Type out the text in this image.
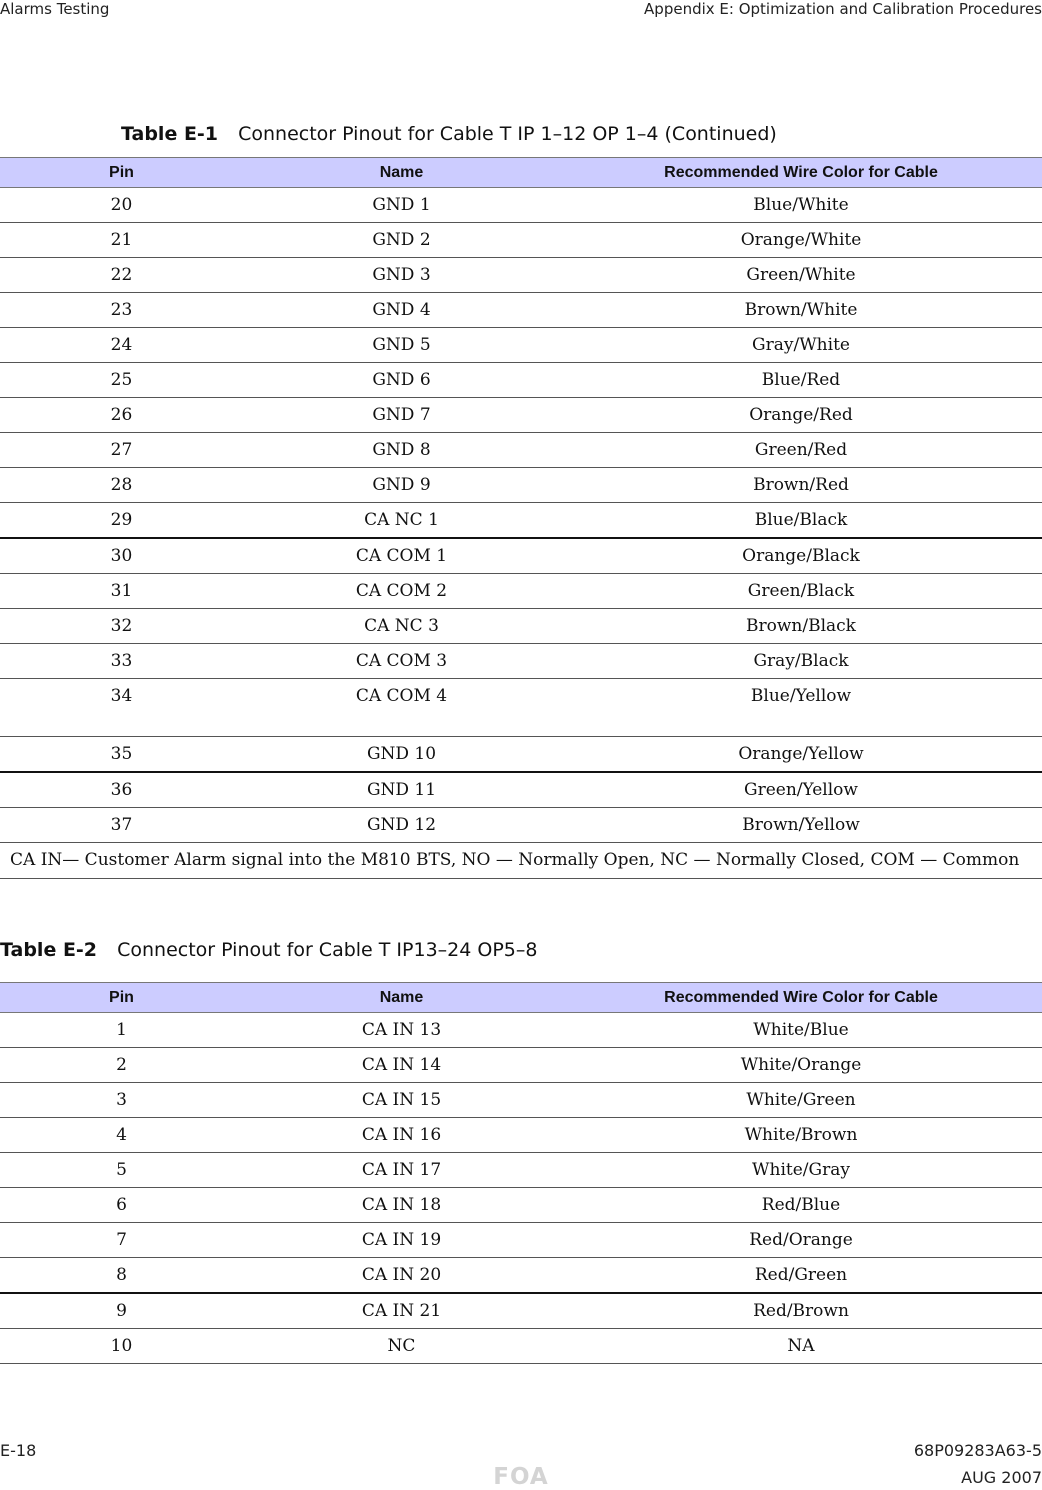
Alarms Testing	Appendix E: Optimization and Calibration Procedures
Table E-1 Connector Pinout for Cable T IP 1–12 OP 1–4 (Continued)
Pin	Name	Recommended Wire Color for Cable
20	GND 1	Blue/White
21	GND 2	Orange/White
22	GND 3	Green/White
23	GND 4	Brown/White
24	GND 5	Gray/White
25	GND 6	Blue/Red
26	GND 7	Orange/Red
27	GND 8	Green/Red
28	GND 9	Brown/Red
29	CA NC 1	Blue/Black
30	CA COM 1	Orange/Black
31	CA COM 2	Green/Black
32	CA NC 3	Brown/Black
33	CA COM 3	Gray/Black
34	CA COM 4	Blue/Yellow
35	GND 10	Orange/Yellow
36	GND 11	Green/Yellow
37	GND 12	Brown/Yellow
CA IN— Customer Alarm signal into the M810 BTS, NO — Normally Open, NC — Normally Closed, COM — Common		
Table E-2 Connector Pinout for Cable T IP13–24 OP5–8
Pin	Name	Recommended Wire Color for Cable
1	CA IN 13	White/Blue
2	CA IN 14	White/Orange
3	CA IN 15	White/Green
4	CA IN 16	White/Brown
5	CA IN 17	White/Gray
6	CA IN 18	Red/Blue
7	CA IN 19	Red/Orange
8	CA IN 20	Red/Green
9	CA IN 21	Red/Brown
10	NC	NA
E-18	68P09283A63-5
AUG 2007
FOA
